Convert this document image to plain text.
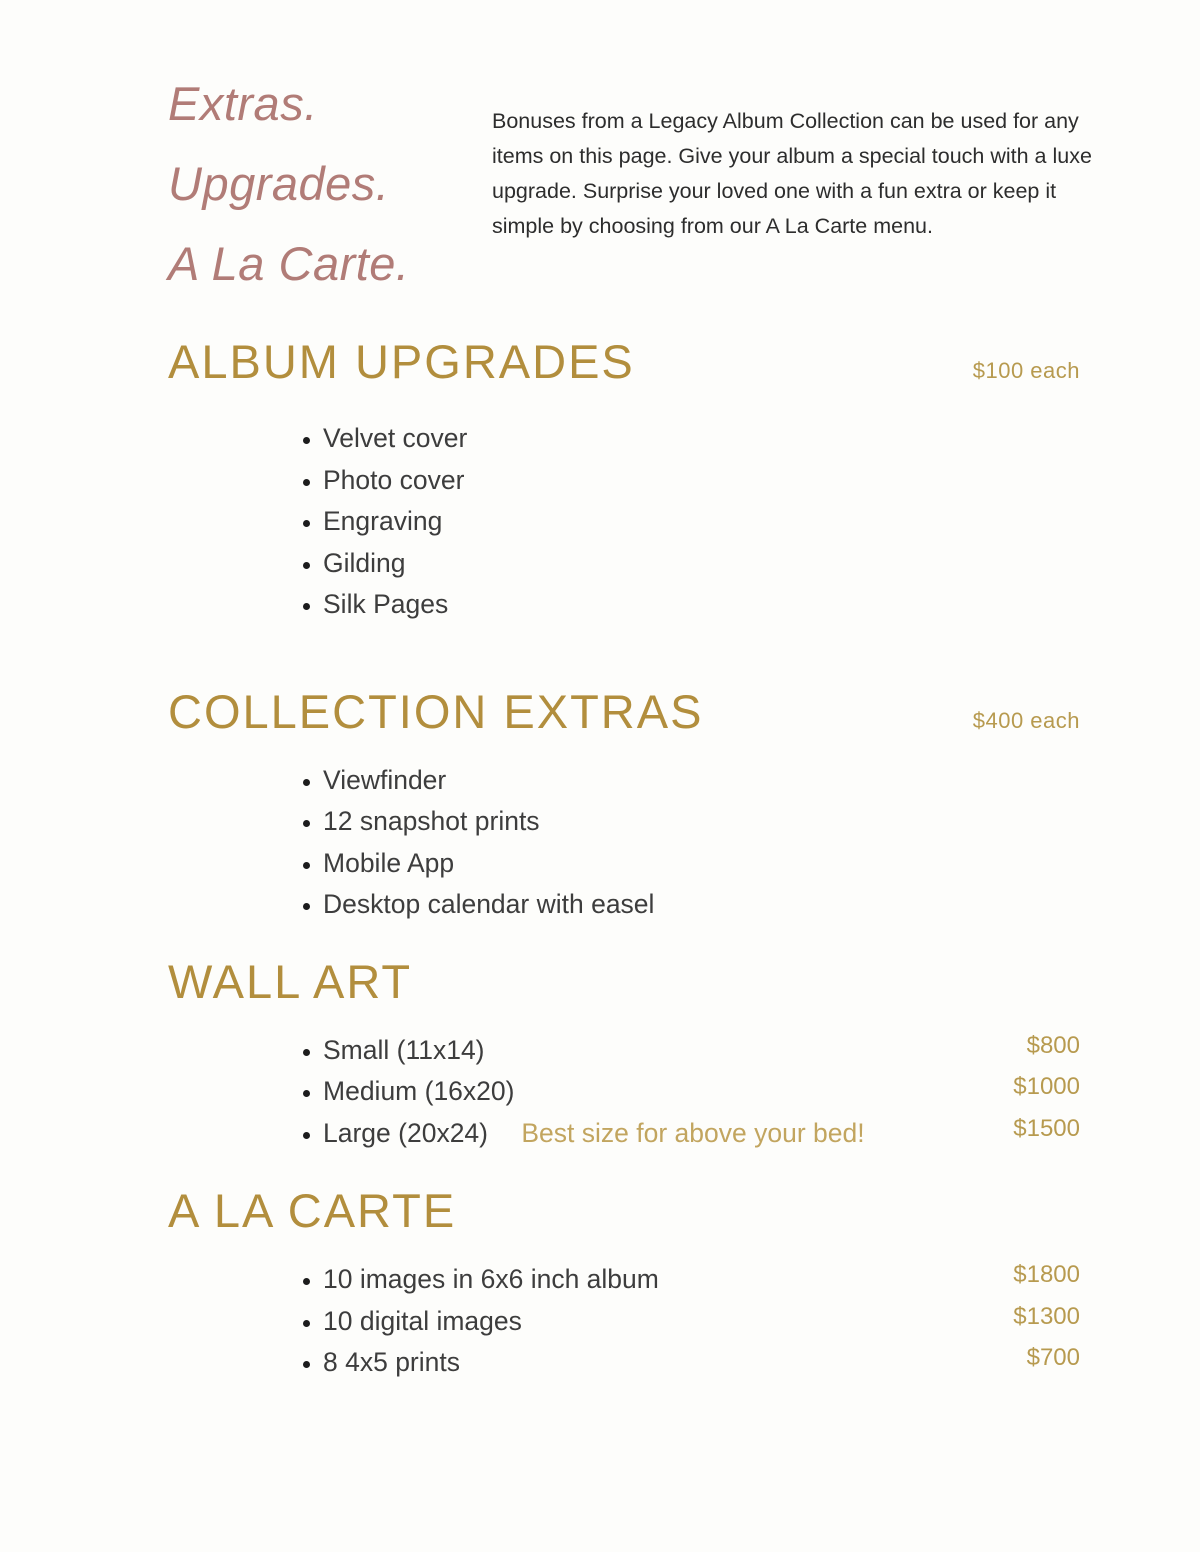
Extras.
Upgrades.
A La Carte.

Bonuses from a Legacy Album Collection can be used for any items on this page. Give your album a special touch with a luxe upgrade. Surprise your loved one with a fun extra or keep it simple by choosing from our A La Carte menu.

ALBUM UPGRADES	$100 each
• Velvet cover
• Photo cover
• Engraving
• Gilding
• Silk Pages
COLLECTION EXTRAS	$400 each
• Viewfinder
• 12 snapshot prints
• Mobile App
• Desktop calendar with easel
WALL ART
• Small (11x14)	$800
• Medium (16x20)	$1000
• Large (20x24) Best size for above your bed!	$1500
A LA CARTE
• 10 images in 6x6 inch album	$1800
• 10 digital images	$1300
• 8 4x5 prints	$700
